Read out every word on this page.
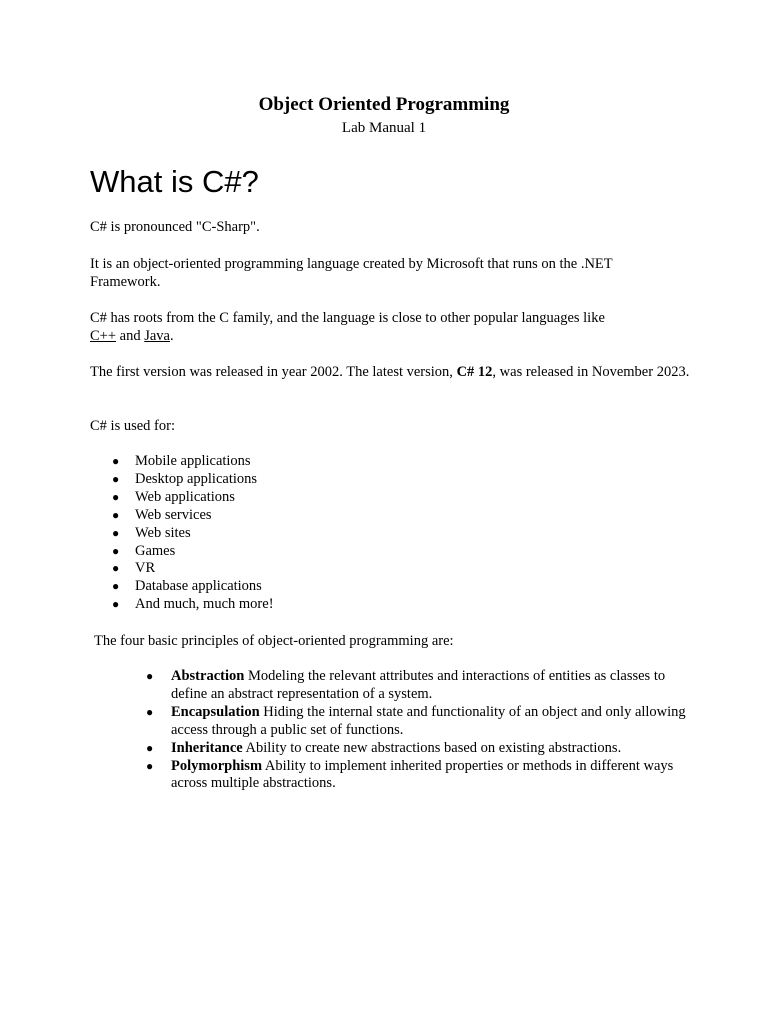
Object Oriented Programming
Lab Manual 1
What is C#?

C# is pronounced "C-Sharp".

It is an object-oriented programming language created by Microsoft that runs on the .NET Framework.

C# has roots from the C family, and the language is close to other popular languages like C++ and Java.

The first version was released in year 2002. The latest version, C# 12, was released in November 2023.

C# is used for:

● Mobile applications
● Desktop applications
● Web applications
● Web services
● Web sites
● Games
● VR
● Database applications
● And much, much more!

The four basic principles of object-oriented programming are:

● Abstraction Modeling the relevant attributes and interactions of entities as classes to define an abstract representation of a system.
● Encapsulation Hiding the internal state and functionality of an object and only allowing access through a public set of functions.
● Inheritance Ability to create new abstractions based on existing abstractions.
● Polymorphism Ability to implement inherited properties or methods in different ways across multiple abstractions.
